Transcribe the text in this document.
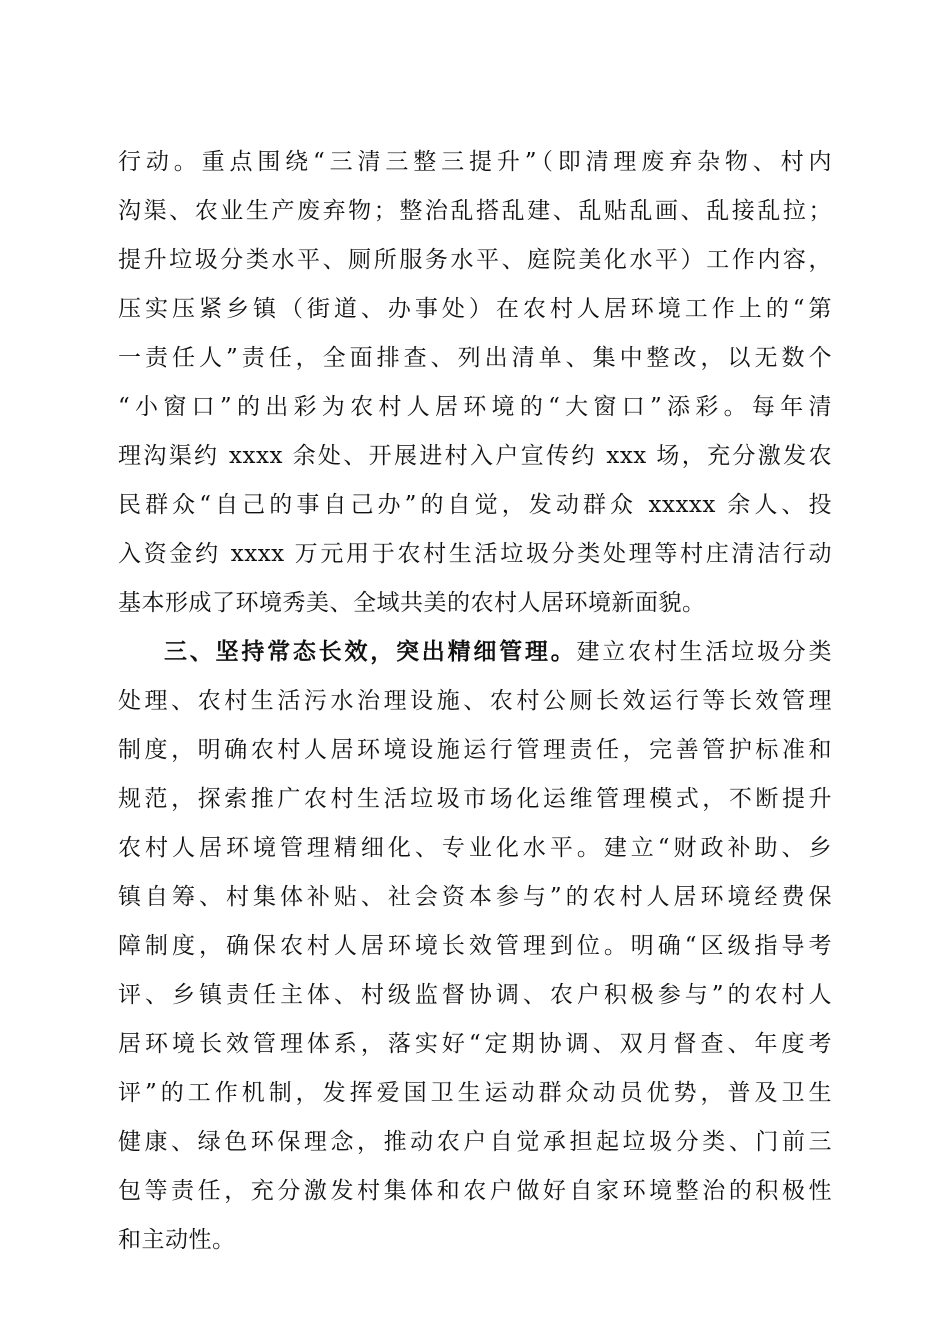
行动。重点围绕“三清三整三提升”（即清理废弃杂物、村内
沟渠、农业生产废弃物；整治乱搭乱建、乱贴乱画、乱接乱拉；
提升垃圾分类水平、厕所服务水平、庭院美化水平）工作内容，
压实压紧乡镇（街道、办事处）在农村人居环境工作上的“第
一责任人”责任，全面排查、列出清单、集中整改，以无数个
“小窗口”的出彩为农村人居环境的“大窗口”添彩。每年清
理沟渠约 xxxx 余处、开展进村入户宣传约 xxx 场，充分激发农
民群众“自己的事自己办”的自觉，发动群众 xxxxx 余人、投
入资金约 xxxx 万元用于农村生活垃圾分类处理等村庄清洁行动
基本形成了环境秀美、全域共美的农村人居环境新面貌。
三、坚持常态长效，突出精细管理。建立农村生活垃圾分类
处理、农村生活污水治理设施、农村公厕长效运行等长效管理
制度，明确农村人居环境设施运行管理责任，完善管护标准和
规范，探索推广农村生活垃圾市场化运维管理模式，不断提升
农村人居环境管理精细化、专业化水平。建立“财政补助、乡
镇自筹、村集体补贴、社会资本参与”的农村人居环境经费保
障制度，确保农村人居环境长效管理到位。明确“区级指导考
评、乡镇责任主体、村级监督协调、农户积极参与”的农村人
居环境长效管理体系，落实好“定期协调、双月督查、年度考
评”的工作机制，发挥爱国卫生运动群众动员优势，普及卫生
健康、绿色环保理念，推动农户自觉承担起垃圾分类、门前三
包等责任，充分激发村集体和农户做好自家环境整治的积极性
和主动性。
